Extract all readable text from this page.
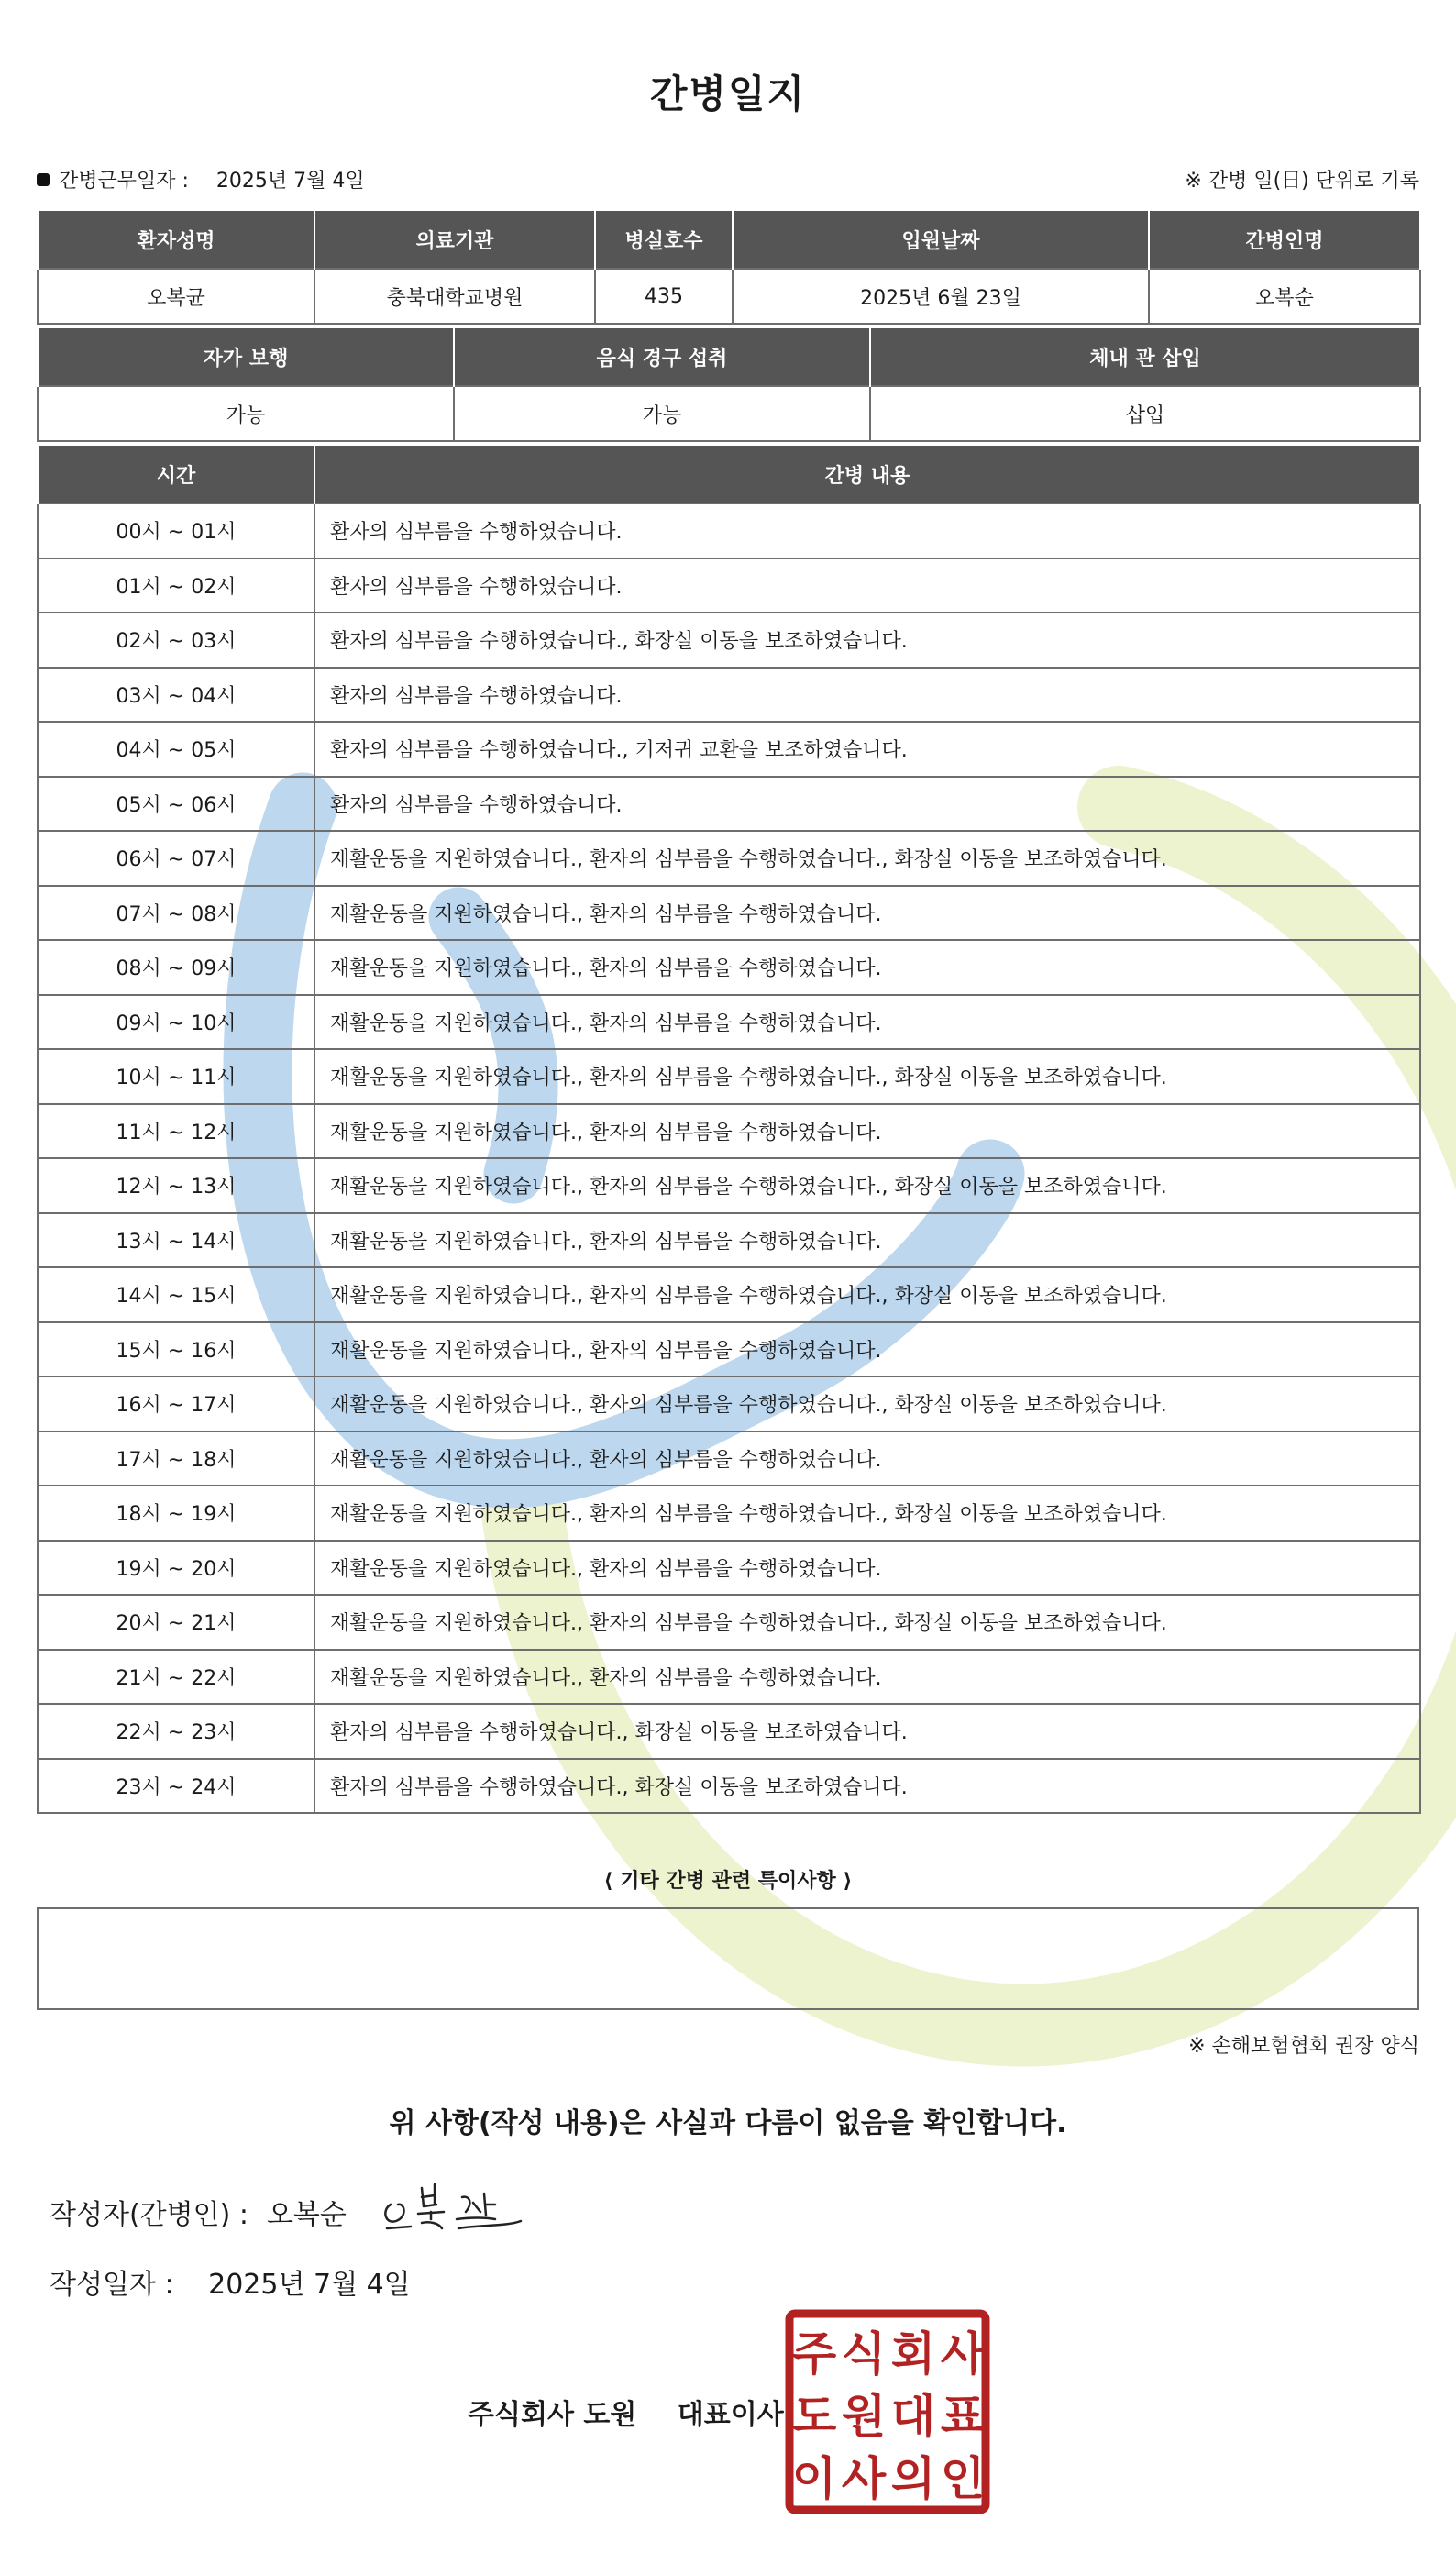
간병일지
간병근무일자 : 2025년 7월 4일	※ 간병 일(日) 단위로 기록
환자성명	의료기관	병실호수	입원날짜	간병인명
오복균	충북대학교병원	435	2025년 6월 23일	오복순
자가 보행	음식 경구 섭취	체내 관 삽입
가능	가능	삽입
시간	간병 내용
00시 ~ 01시	환자의 심부름을 수행하였습니다.
01시 ~ 02시	환자의 심부름을 수행하였습니다.
02시 ~ 03시	환자의 심부름을 수행하였습니다., 화장실 이동을 보조하였습니다.
03시 ~ 04시	환자의 심부름을 수행하였습니다.
04시 ~ 05시	환자의 심부름을 수행하였습니다., 기저귀 교환을 보조하였습니다.
05시 ~ 06시	환자의 심부름을 수행하였습니다.
06시 ~ 07시	재활운동을 지원하였습니다., 환자의 심부름을 수행하였습니다., 화장실 이동을 보조하였습니다.
07시 ~ 08시	재활운동을 지원하였습니다., 환자의 심부름을 수행하였습니다.
08시 ~ 09시	재활운동을 지원하였습니다., 환자의 심부름을 수행하였습니다.
09시 ~ 10시	재활운동을 지원하였습니다., 환자의 심부름을 수행하였습니다.
10시 ~ 11시	재활운동을 지원하였습니다., 환자의 심부름을 수행하였습니다., 화장실 이동을 보조하였습니다.
11시 ~ 12시	재활운동을 지원하였습니다., 환자의 심부름을 수행하였습니다.
12시 ~ 13시	재활운동을 지원하였습니다., 환자의 심부름을 수행하였습니다., 화장실 이동을 보조하였습니다.
13시 ~ 14시	재활운동을 지원하였습니다., 환자의 심부름을 수행하였습니다.
14시 ~ 15시	재활운동을 지원하였습니다., 환자의 심부름을 수행하였습니다., 화장실 이동을 보조하였습니다.
15시 ~ 16시	재활운동을 지원하였습니다., 환자의 심부름을 수행하였습니다.
16시 ~ 17시	재활운동을 지원하였습니다., 환자의 심부름을 수행하였습니다., 화장실 이동을 보조하였습니다.
17시 ~ 18시	재활운동을 지원하였습니다., 환자의 심부름을 수행하였습니다.
18시 ~ 19시	재활운동을 지원하였습니다., 환자의 심부름을 수행하였습니다., 화장실 이동을 보조하였습니다.
19시 ~ 20시	재활운동을 지원하였습니다., 환자의 심부름을 수행하였습니다.
20시 ~ 21시	재활운동을 지원하였습니다., 환자의 심부름을 수행하였습니다., 화장실 이동을 보조하였습니다.
21시 ~ 22시	재활운동을 지원하였습니다., 환자의 심부름을 수행하였습니다.
22시 ~ 23시	환자의 심부름을 수행하였습니다., 화장실 이동을 보조하였습니다.
23시 ~ 24시	환자의 심부름을 수행하였습니다., 화장실 이동을 보조하였습니다.
⟨ 기타 간병 관련 특이사항 ⟩
※ 손해보험협회 권장 양식
위 사항(작성 내용)은 사실과 다름이 없음을 확인합니다.
작성자(간병인) : 오복순
작성일자 : 2025년 7월 4일
주식회사 도원 대표이사
주 식 회 사
도 원 대 표
이 사 의 인
